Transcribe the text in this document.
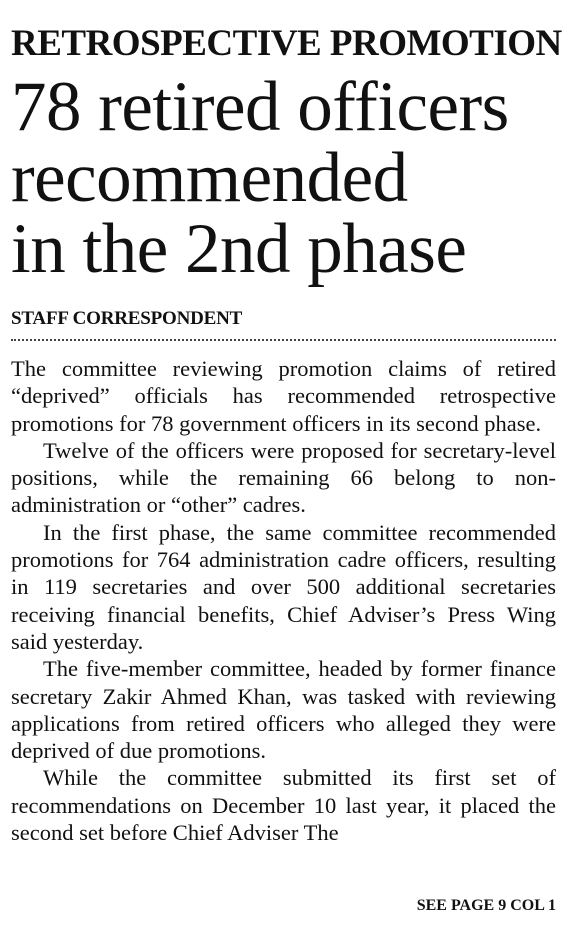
RETROSPECTIVE PROMOTION
78 retired officers
recommended
in the 2nd phase
STAFF CORRESPONDENT

The committee reviewing promotion claims of retired “deprived” officials has recommended retrospective promotions for 78 government officers in its second phase.

Twelve of the officers were proposed for secretary-level positions, while the remaining 66 belong to non-administration or “other” cadres.

In the first phase, the same committee recommended promotions for 764 administration cadre officers, resulting in 119 secretaries and over 500 additional secretaries receiving financial benefits, Chief Adviser’s Press Wing said yesterday.

The five-member committee, headed by former finance secretary Zakir Ahmed Khan, was tasked with reviewing applications from retired officers who alleged they were deprived of due promotions.

While the committee submitted its first set of recommendations on December 10 last year, it placed the second set before Chief Adviser The

SEE PAGE 9 COL 1
